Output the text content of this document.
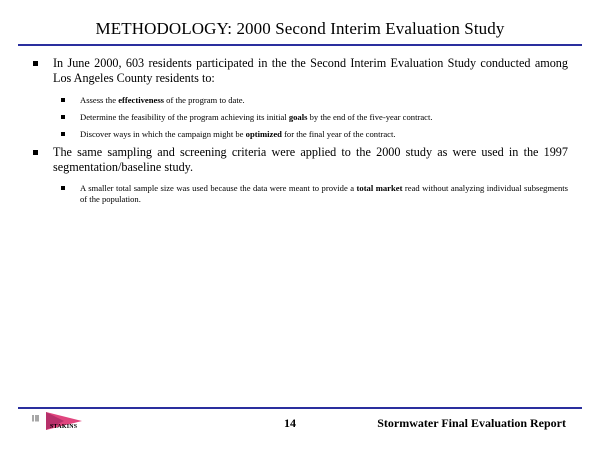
METHODOLOGY: 2000 Second Interim Evaluation Study
In June 2000, 603 residents participated in the the Second Interim Evaluation Study conducted among Los Angeles County residents to:
Assess the effectiveness of the program to date.
Determine the feasibility of the program achieving its initial goals by the end of the five-year contract.
Discover ways in which the campaign might be optimized for the final year of the contract.
The same sampling and screening criteria were applied to the 2000 study as were used in the 1997 segmentation/baseline study.
A smaller total sample size was used because the data were meant to provide a total market read without analyzing individual subsegments of the population.
|| ||||
STAKINS	14	Stormwater Final Evaluation Report
